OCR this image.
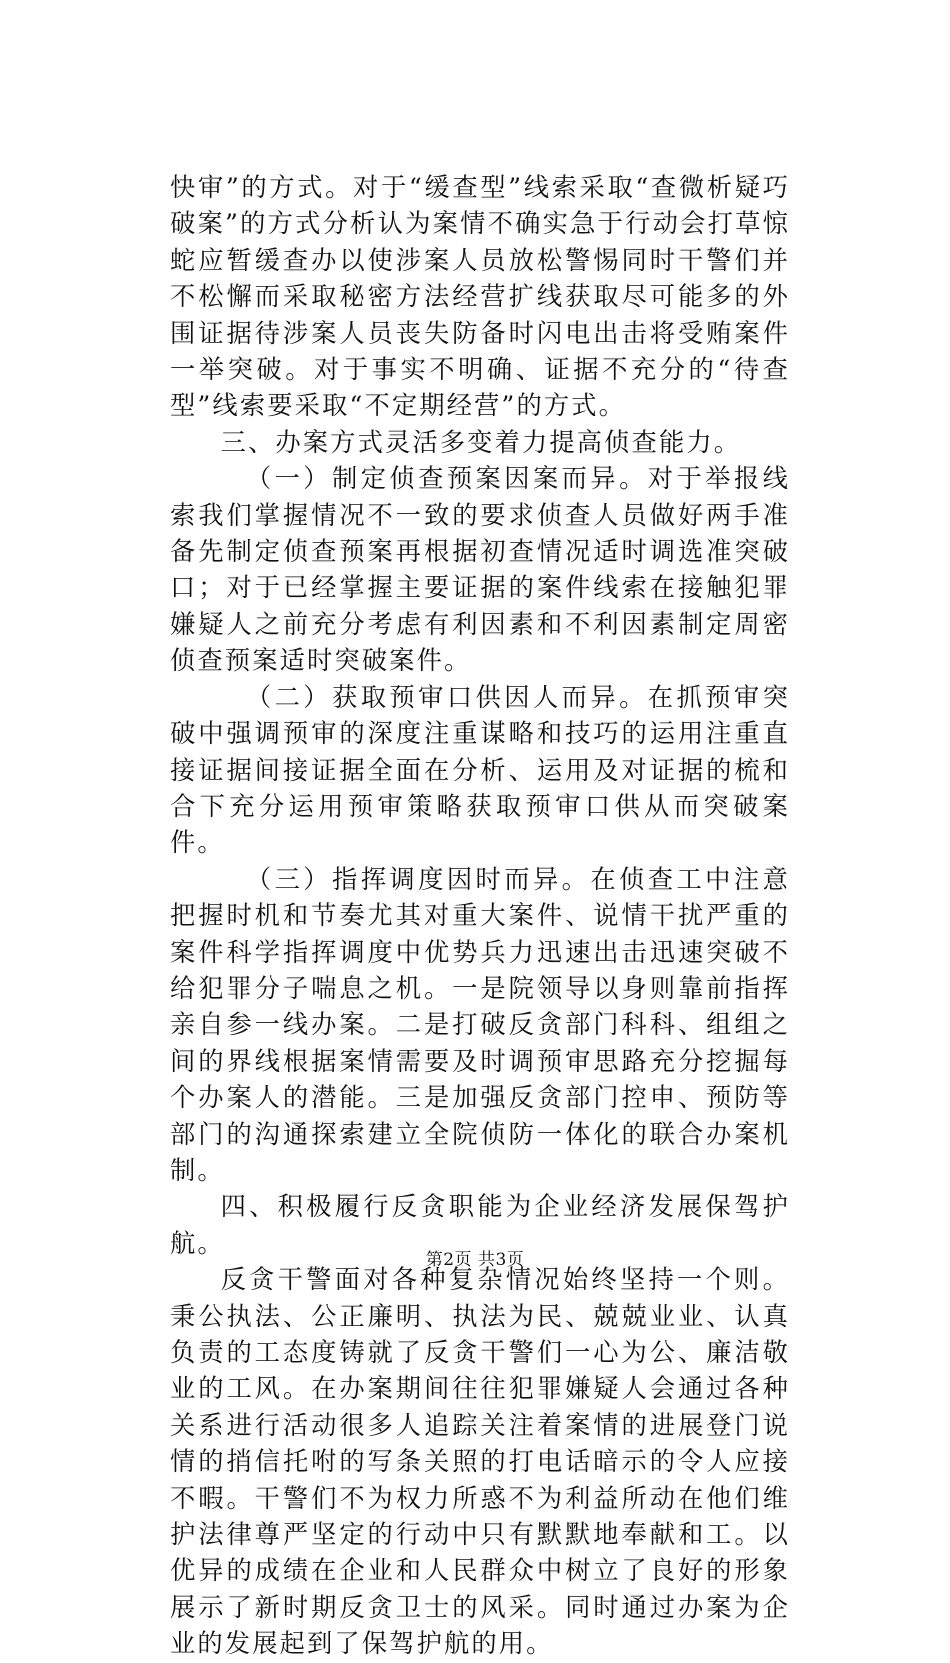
快审”的方式。对于“缓查型”线索采取“查微析疑巧破案”的方式分析认为案情不确实急于行动会打草惊蛇应暂缓查办以使涉案人员放松警惕同时干警们并不松懈而采取秘密方法经营扩线获取尽可能多的外围证据待涉案人员丧失防备时闪电出击将受贿案件一举突破。对于事实不明确、证据不充分的“待查型”线索要采取“不定期经营”的方式。

三、办案方式灵活多变着力提高侦查能力。

（一）制定侦查预案因案而异。对于举报线索我们掌握情况不一致的要求侦查人员做好两手准备先制定侦查预案再根据初查情况适时调选准突破口；对于已经掌握主要证据的案件线索在接触犯罪嫌疑人之前充分考虑有利因素和不利因素制定周密侦查预案适时突破案件。

（二）获取预审口供因人而异。在抓预审突破中强调预审的深度注重谋略和技巧的运用注重直接证据间接证据全面在分析、运用及对证据的梳和合下充分运用预审策略获取预审口供从而突破案件。

（三）指挥调度因时而异。在侦查工中注意把握时机和节奏尤其对重大案件、说情干扰严重的案件科学指挥调度中优势兵力迅速出击迅速突破不给犯罪分子喘息之机。一是院领导以身则靠前指挥亲自参一线办案。二是打破反贪部门科科、组组之间的界线根据案情需要及时调预审思路充分挖掘每个办案人的潜能。三是加强反贪部门控申、预防等部门的沟通探索建立全院侦防一体化的联合办案机制。

四、积极履行反贪职能为企业经济发展保驾护航。

反贪干警面对各种复杂情况始终坚持一个则。秉公执法、公正廉明、执法为民、兢兢业业、认真负责的工态度铸就了反贪干警们一心为公、廉洁敬业的工风。在办案期间往往犯罪嫌疑人会通过各种关系进行活动很多人追踪关注着案情的进展登门说情的捎信托咐的写条关照的打电话暗示的令人应接不暇。干警们不为权力所惑不为利益所动在他们维护法律尊严坚定的行动中只有默默地奉献和工。以优异的成绩在企业和人民群众中树立了良好的形象展示了新时期反贪卫士的风采。同时通过办案为企业的发展起到了保驾护航的用。

第2页 共3页
